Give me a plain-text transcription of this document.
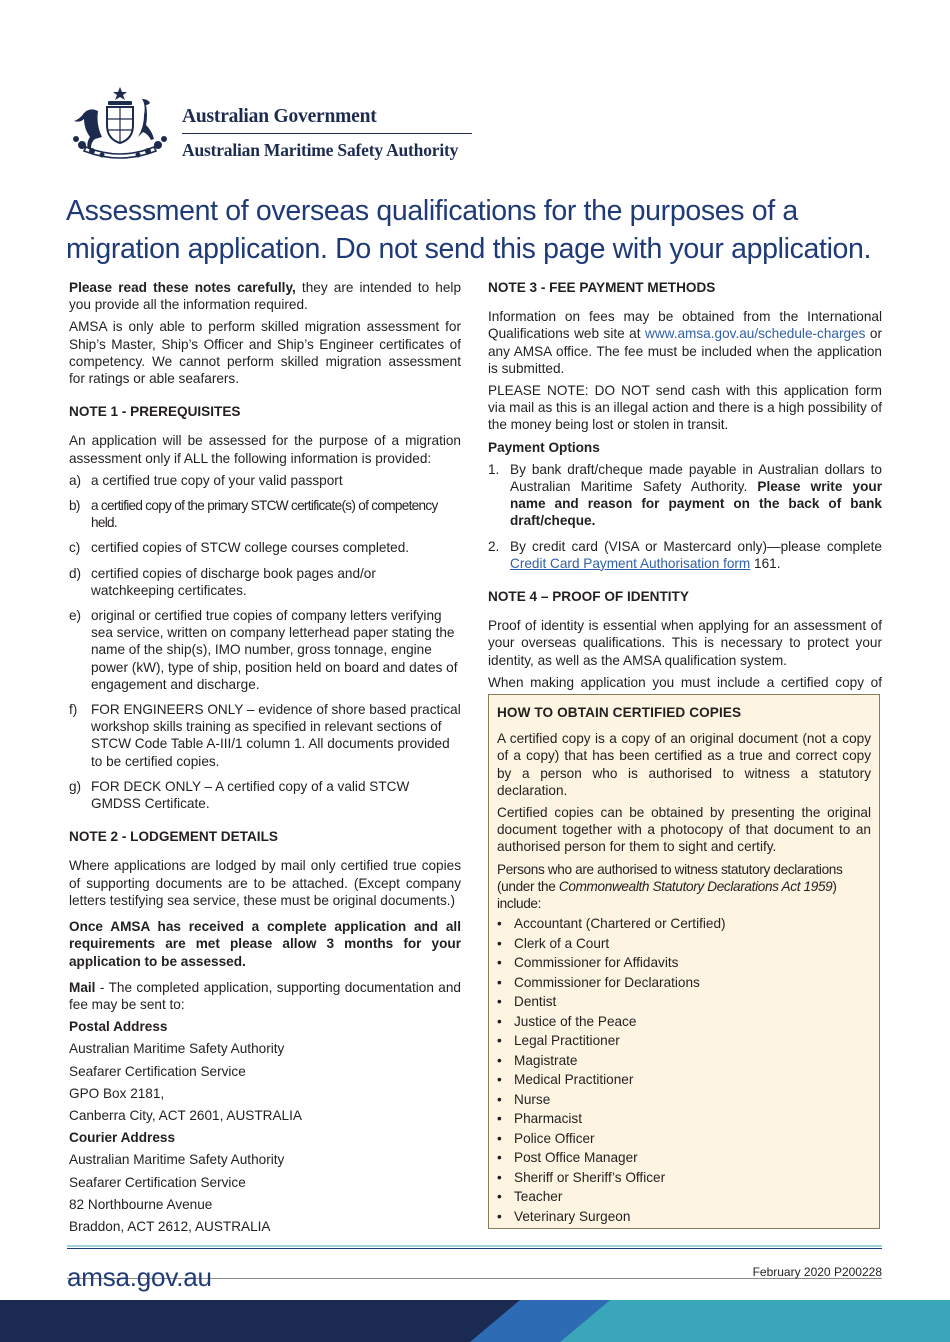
Australian Government
Australian Maritime Safety Authority
Assessment of overseas qualifications for the purposes of a migration application. Do not send this page with your application.

Please read these notes carefully, they are intended to help you provide all the information required.

AMSA is only able to perform skilled migration assessment for Ship’s Master, Ship’s Officer and Ship’s Engineer certificates of competency. We cannot perform skilled migration assessment for ratings or able seafarers.

NOTE 1 - PREREQUISITES

An application will be assessed for the purpose of a migration assessment only if ALL the following information is provided:

a) a certified true copy of your valid passport
b) a certified copy of the primary STCW certificate(s) of competency held.
c) certified copies of STCW college courses completed.
d) certified copies of discharge book pages and/or watchkeeping certificates.
e) original or certified true copies of company letters verifying sea service, written on company letterhead paper stating the name of the ship(s), IMO number, gross tonnage, engine power (kW), type of ship, position held on board and dates of engagement and discharge.
f) FOR ENGINEERS ONLY – evidence of shore based practical workshop skills training as specified in relevant sections of STCW Code Table A-III/1 column 1. All documents provided to be certified copies.
g) FOR DECK ONLY – A certified copy of a valid STCW GMDSS Certificate.
NOTE 2 - LODGEMENT DETAILS

Where applications are lodged by mail only certified true copies of supporting documents are to be attached. (Except company letters testifying sea service, these must be original documents.)

Once AMSA has received a complete application and all requirements are met please allow 3 months for your application to be assessed.

Mail - The completed application, supporting documentation and fee may be sent to:

Postal Address

Australian Maritime Safety Authority

Seafarer Certification Service

GPO Box 2181,

Canberra City, ACT 2601, AUSTRALIA

Courier Address

Australian Maritime Safety Authority

Seafarer Certification Service

82 Northbourne Avenue

Braddon, ACT 2612, AUSTRALIA

NOTE 3 - FEE PAYMENT METHODS

Information on fees may be obtained from the International Qualifications web site at www.amsa.gov.au/schedule-charges or any AMSA office. The fee must be included when the application is submitted.

PLEASE NOTE: DO NOT send cash with this application form via mail as this is an illegal action and there is a high possibility of the money being lost or stolen in transit.

Payment Options

1. By bank draft/cheque made payable in Australian dollars to Australian Maritime Safety Authority. Please write your name and reason for payment on the back of bank draft/cheque.
2. By credit card (VISA or Mastercard only)—please complete Credit Card Payment Authorisation form 161.
NOTE 4 – PROOF OF IDENTITY

Proof of identity is essential when applying for an assessment of your overseas qualifications. This is necessary to protect your identity, as well as the AMSA qualification system.

When making application you must include a certified copy of

HOW TO OBTAIN CERTIFIED COPIES

A certified copy is a copy of an original document (not a copy of a copy) that has been certified as a true and correct copy by a person who is authorised to witness a statutory declaration.

Certified copies can be obtained by presenting the original document together with a photocopy of that document to an authorised person for them to sight and certify.

Persons who are authorised to witness statutory declarations (under the Commonwealth Statutory Declarations Act 1959) include:

• Accountant (Chartered or Certified)
• Clerk of a Court
• Commissioner for Affidavits
• Commissioner for Declarations
• Dentist
• Justice of the Peace
• Legal Practitioner
• Magistrate
• Medical Practitioner
• Nurse
• Pharmacist
• Police Officer
• Post Office Manager
• Sheriff or Sheriff’s Officer
• Teacher
• Veterinary Surgeon
amsa.gov.au	February 2020 P200228
